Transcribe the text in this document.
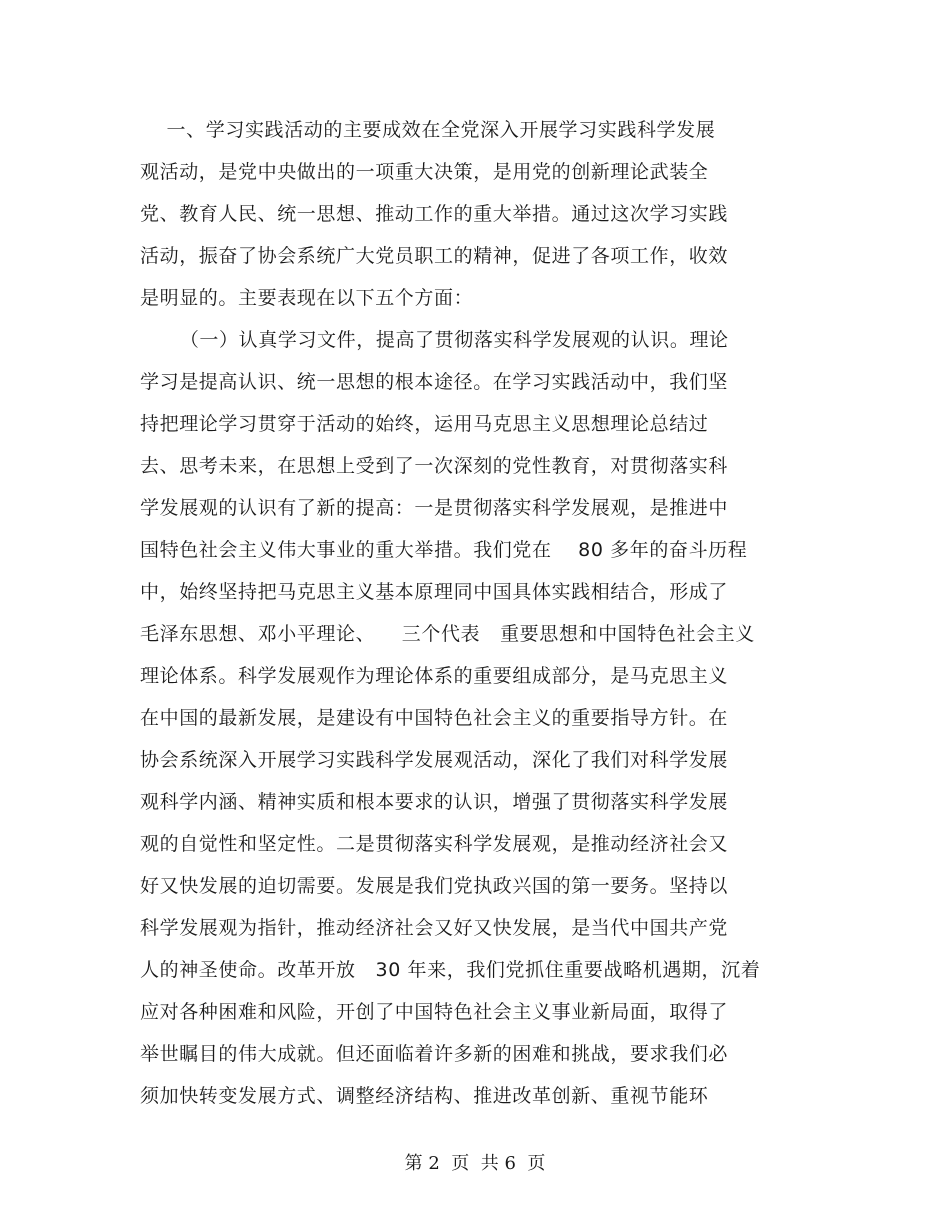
一、学习实践活动的主要成效在全党深入开展学习实践科学发展
观活动，是党中央做出的一项重大决策，是用党的创新理论武装全
党、教育人民、统一思想、推动工作的重大举措。通过这次学习实践
活动，振奋了协会系统广大党员职工的精神，促进了各项工作，收效
是明显的。主要表现在以下五个方面：
（一）认真学习文件，提高了贯彻落实科学发展观的认识。理论
学习是提高认识、统一思想的根本途径。在学习实践活动中，我们坚
持把理论学习贯穿于活动的始终，运用马克思主义思想理论总结过
去、思考未来，在思想上受到了一次深刻的党性教育，对贯彻落实科
学发展观的认识有了新的提高：一是贯彻落实科学发展观，是推进中
国特色社会主义伟大事业的重大举措。我们党在    80 多年的奋斗历程
中，始终坚持把马克思主义基本原理同中国具体实践相结合，形成了
毛泽东思想、邓小平理论、    三个代表   重要思想和中国特色社会主义
理论体系。科学发展观作为理论体系的重要组成部分，是马克思主义
在中国的最新发展，是建设有中国特色社会主义的重要指导方针。在
协会系统深入开展学习实践科学发展观活动，深化了我们对科学发展
观科学内涵、精神实质和根本要求的认识，增强了贯彻落实科学发展
观的自觉性和坚定性。二是贯彻落实科学发展观，是推动经济社会又
好又快发展的迫切需要。发展是我们党执政兴国的第一要务。坚持以
科学发展观为指针，推动经济社会又好又快发展，是当代中国共产党
人的神圣使命。改革开放   30 年来，我们党抓住重要战略机遇期，沉着
应对各种困难和风险，开创了中国特色社会主义事业新局面，取得了
举世瞩目的伟大成就。但还面临着许多新的困难和挑战，要求我们必
须加快转变发展方式、调整经济结构、推进改革创新、重视节能环
第 2  页  共 6  页
